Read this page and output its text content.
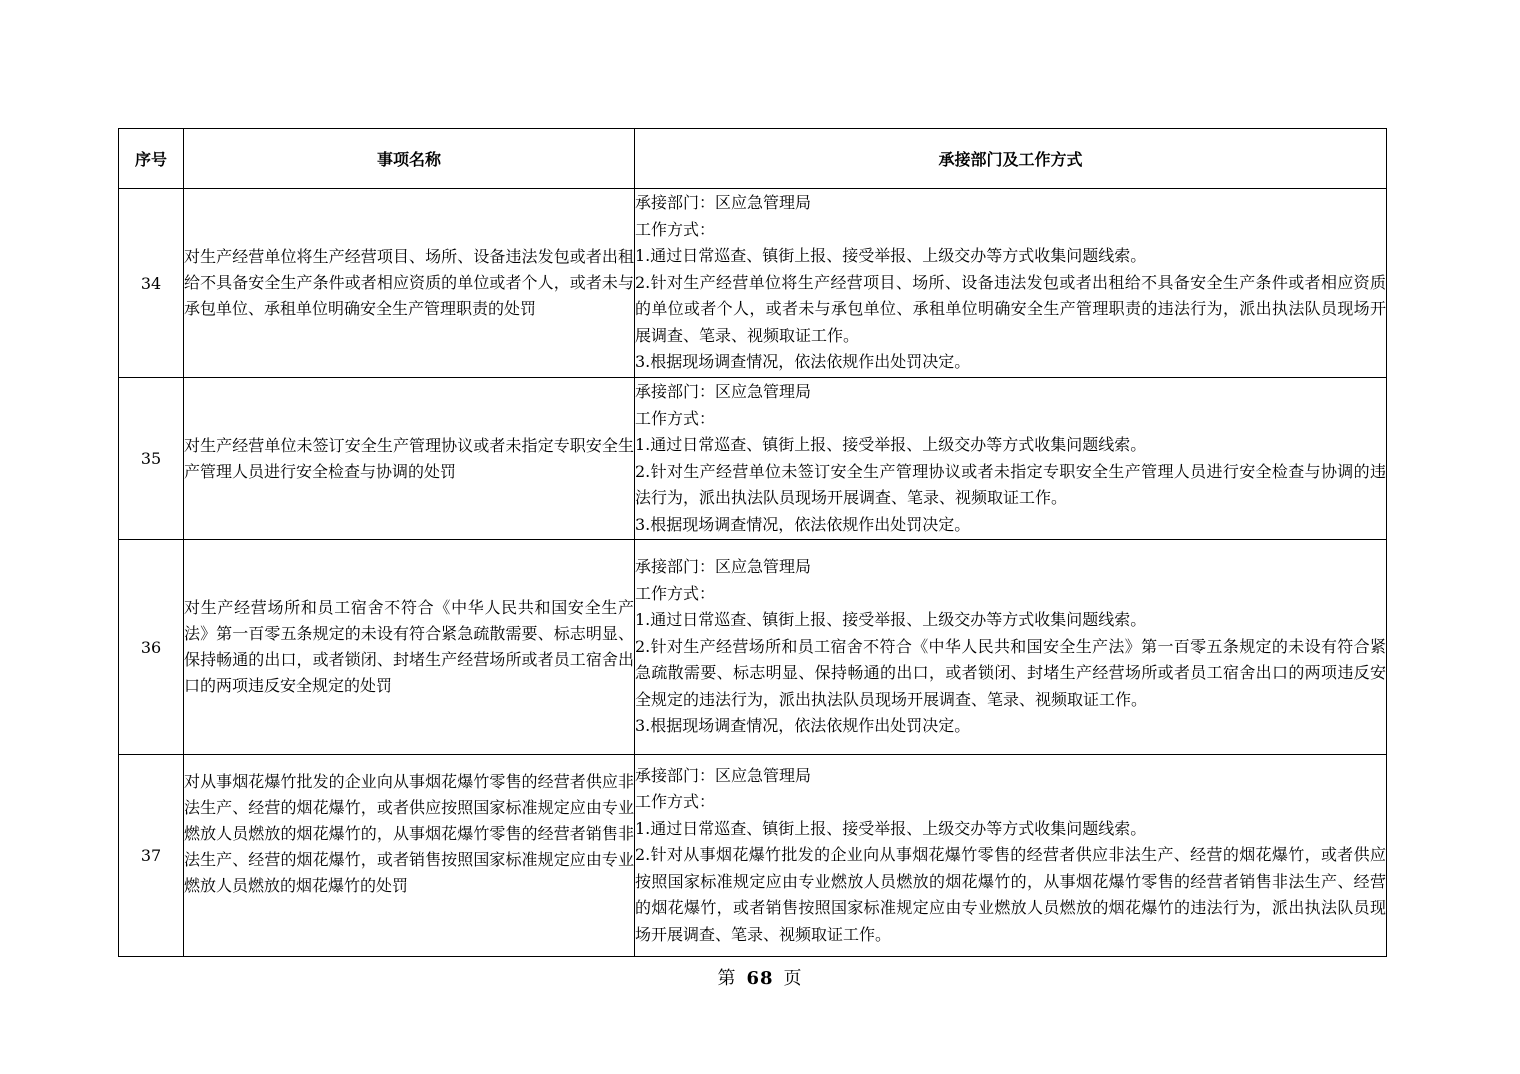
序号	事项名称	承接部门及工作方式
34	对生产经营单位将生产经营项目、场所、设备违法发包或者出租给不具备安全生产条件或者相应资质的单位或者个人，或者未与承包单位、承租单位明确安全生产管理职责的处罚	承接部门：区应急管理局
工作方式：
1.通过日常巡查、镇街上报、接受举报、上级交办等方式收集问题线索。
2.针对生产经营单位将生产经营项目、场所、设备违法发包或者出租给不具备安全生产条件或者相应资质的单位或者个人，或者未与承包单位、承租单位明确安全生产管理职责的违法行为，派出执法队员现场开展调查、笔录、视频取证工作。
3.根据现场调查情况，依法依规作出处罚决定。

35	对生产经营单位未签订安全生产管理协议或者未指定专职安全生产管理人员进行安全检查与协调的处罚	承接部门：区应急管理局
工作方式：
1.通过日常巡查、镇街上报、接受举报、上级交办等方式收集问题线索。
2.针对生产经营单位未签订安全生产管理协议或者未指定专职安全生产管理人员进行安全检查与协调的违法行为，派出执法队员现场开展调查、笔录、视频取证工作。
3.根据现场调查情况，依法依规作出处罚决定。

36	对生产经营场所和员工宿舍不符合《中华人民共和国安全生产法》第一百零五条规定的未设有符合紧急疏散需要、标志明显、保持畅通的出口，或者锁闭、封堵生产经营场所或者员工宿舍出口的两项违反安全规定的处罚	承接部门：区应急管理局
工作方式：
1.通过日常巡查、镇街上报、接受举报、上级交办等方式收集问题线索。
2.针对生产经营场所和员工宿舍不符合《中华人民共和国安全生产法》第一百零五条规定的未设有符合紧急疏散需要、标志明显、保持畅通的出口，或者锁闭、封堵生产经营场所或者员工宿舍出口的两项违反安全规定的违法行为，派出执法队员现场开展调查、笔录、视频取证工作。
3.根据现场调查情况，依法依规作出处罚决定。

37	对从事烟花爆竹批发的企业向从事烟花爆竹零售的经营者供应非法生产、经营的烟花爆竹，或者供应按照国家标准规定应由专业燃放人员燃放的烟花爆竹的，从事烟花爆竹零售的经营者销售非法生产、经营的烟花爆竹，或者销售按照国家标准规定应由专业燃放人员燃放的烟花爆竹的处罚	承接部门：区应急管理局
工作方式：
1.通过日常巡查、镇街上报、接受举报、上级交办等方式收集问题线索。
2.针对从事烟花爆竹批发的企业向从事烟花爆竹零售的经营者供应非法生产、经营的烟花爆竹，或者供应按照国家标准规定应由专业燃放人员燃放的烟花爆竹的，从事烟花爆竹零售的经营者销售非法生产、经营的烟花爆竹，或者销售按照国家标准规定应由专业燃放人员燃放的烟花爆竹的违法行为，派出执法队员现场开展调查、笔录、视频取证工作。
第 68 页
